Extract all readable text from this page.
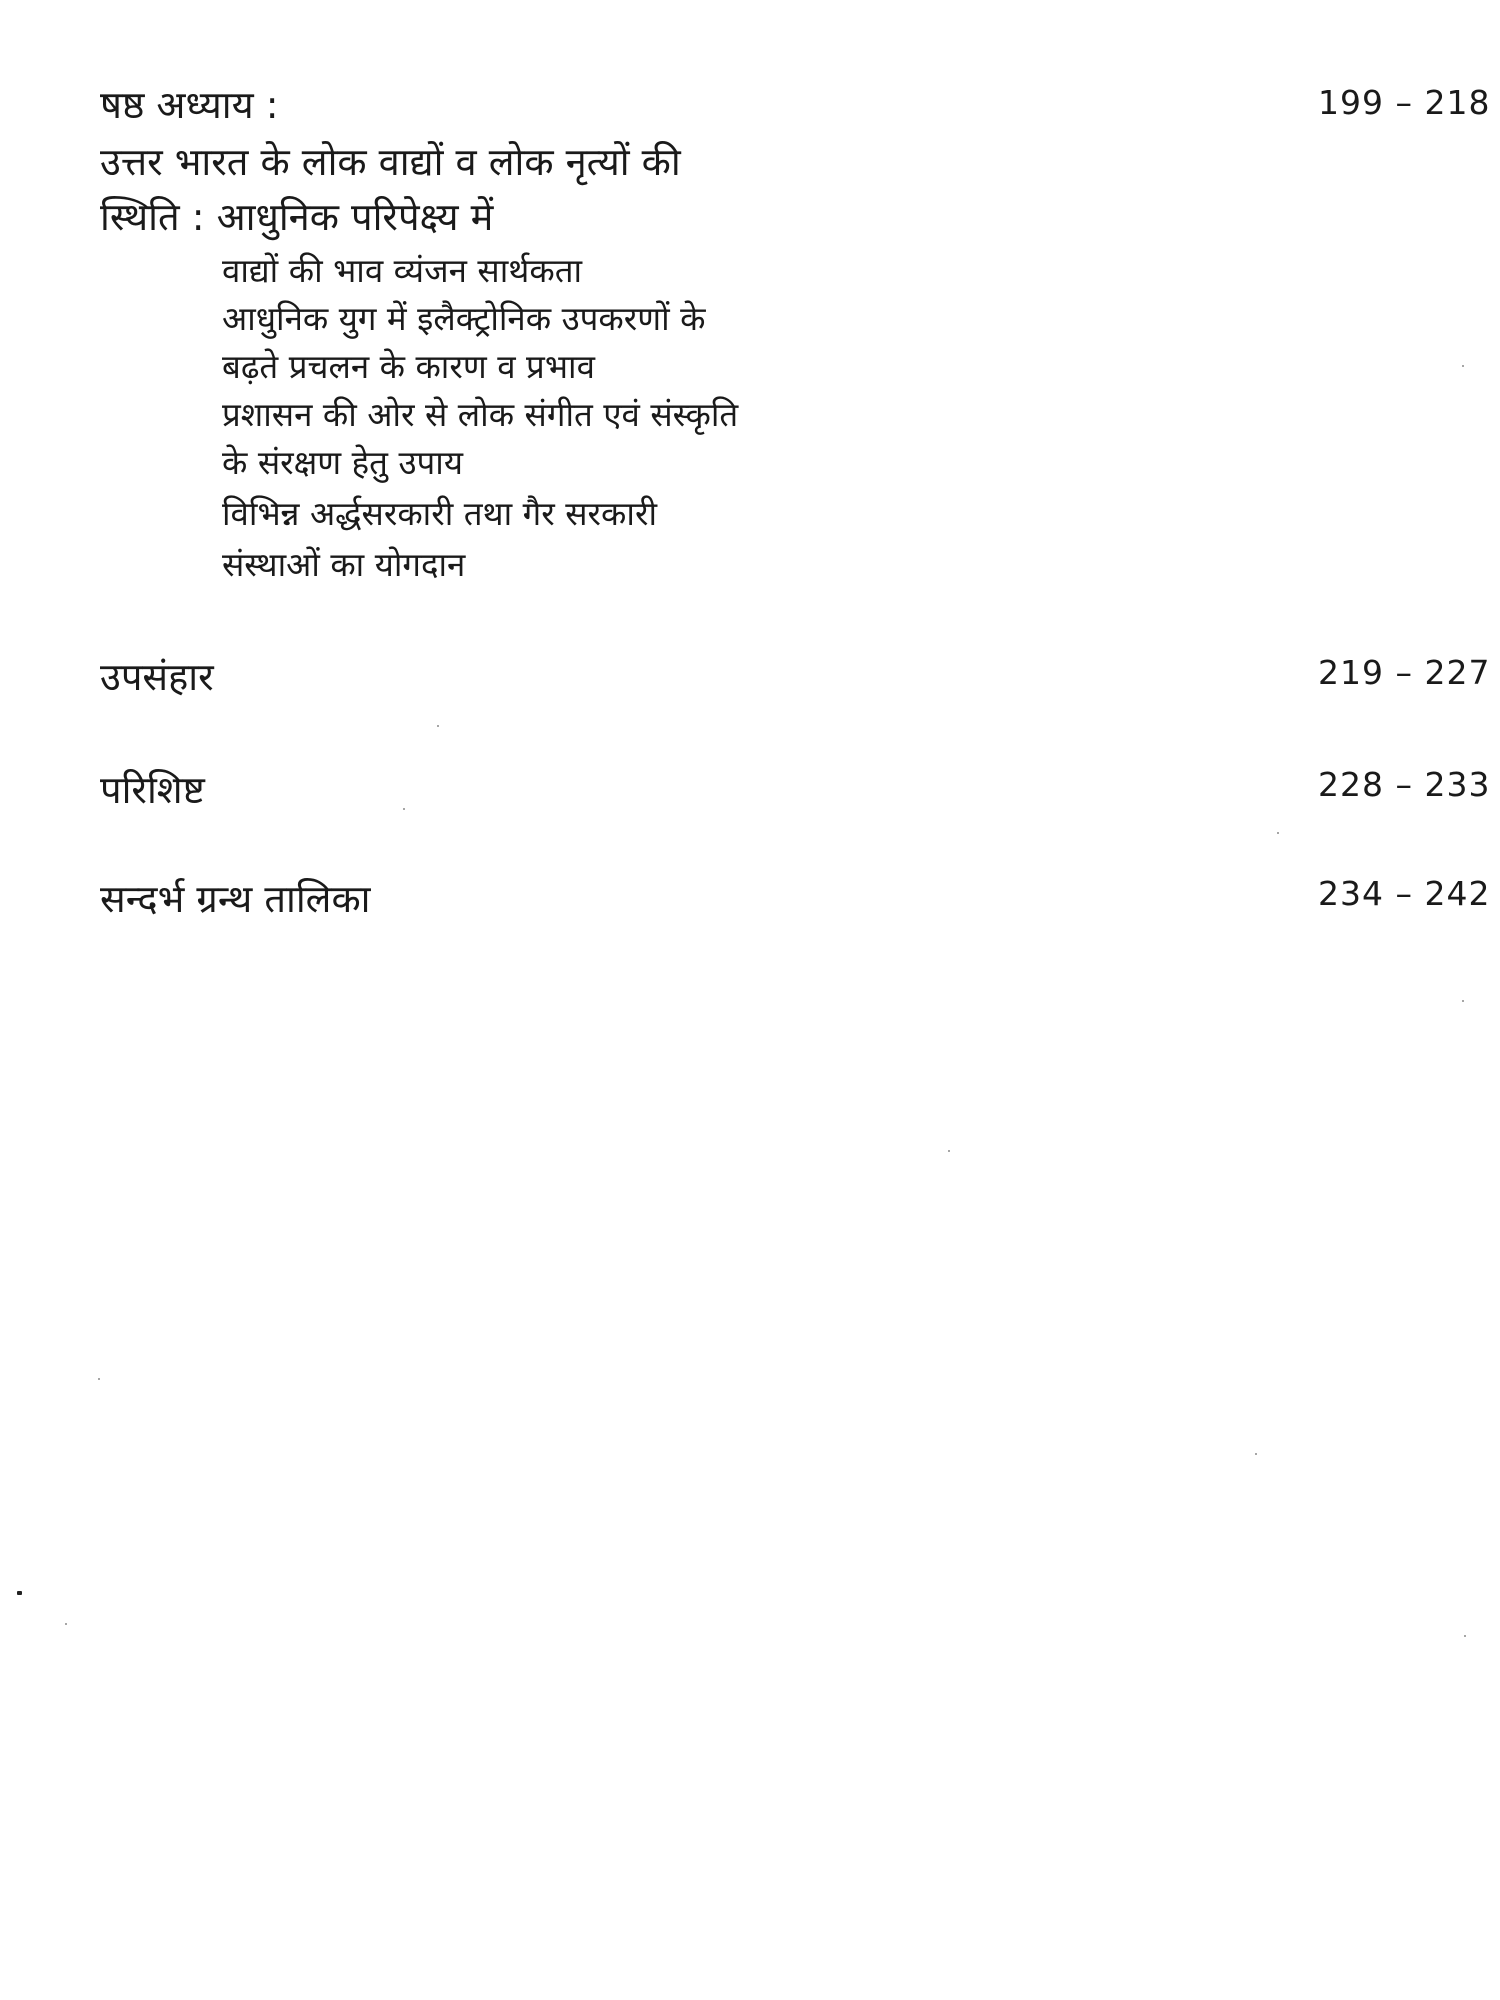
षष्ठ अध्याय :	199 – 218
उत्तर भारत के लोक वाद्यों व लोक नृत्यों की
स्थिति : आधुनिक परिपेक्ष्य में
वाद्यों की भाव व्यंजन सार्थकता
आधुनिक युग में इलैक्ट्रोनिक उपकरणों के
बढ़ते प्रचलन के कारण व प्रभाव
प्रशासन की ओर से लोक संगीत एवं संस्कृति
के संरक्षण हेतु उपाय
विभिन्न अर्द्धसरकारी तथा गैर सरकारी
संस्थाओं का योगदान
उपसंहार	219 – 227
परिशिष्ट	228 – 233
सन्दर्भ ग्रन्थ तालिका	234 – 242
